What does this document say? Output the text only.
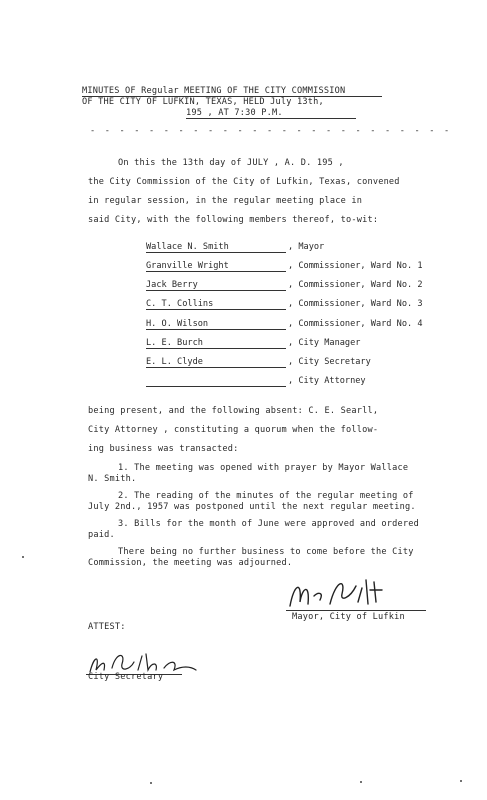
MINUTES OF Regular MEETING OF THE CITY COMMISSION
OF THE CITY OF LUFKIN, TEXAS, HELD July 13th,
195 , AT 7:30 P.M.
- - - - - - - - - - - - - - - - - - - - - - - - -
On this the 13th day of JULY , A. D. 195 ,
the City Commission of the City of Lufkin, Texas, convened
in regular session, in the regular meeting place in
said City, with the following members thereof, to-wit:
Wallace N. Smith	, Mayor
Granville Wright	, Commissioner, Ward No. 1
Jack Berry	, Commissioner, Ward No. 2
C. T. Collins	, Commissioner, Ward No. 3
H. O. Wilson	, Commissioner, Ward No. 4
L. E. Burch	, City Manager
E. L. Clyde	, City Secretary
, City Attorney
being present, and the following absent: C. E. Searll,
City Attorney , constituting a quorum when the follow-
ing business was transacted:
1. The meeting was opened with prayer by Mayor Wallace
N. Smith.
2. The reading of the minutes of the regular meeting of
July 2nd., 1957 was postponed until the next regular meeting.
3. Bills for the month of June were approved and ordered
paid.
There being no further business to come before the City
Commission, the meeting was adjourned.
Mayor, City of Lufkin
ATTEST:
City Secretary
